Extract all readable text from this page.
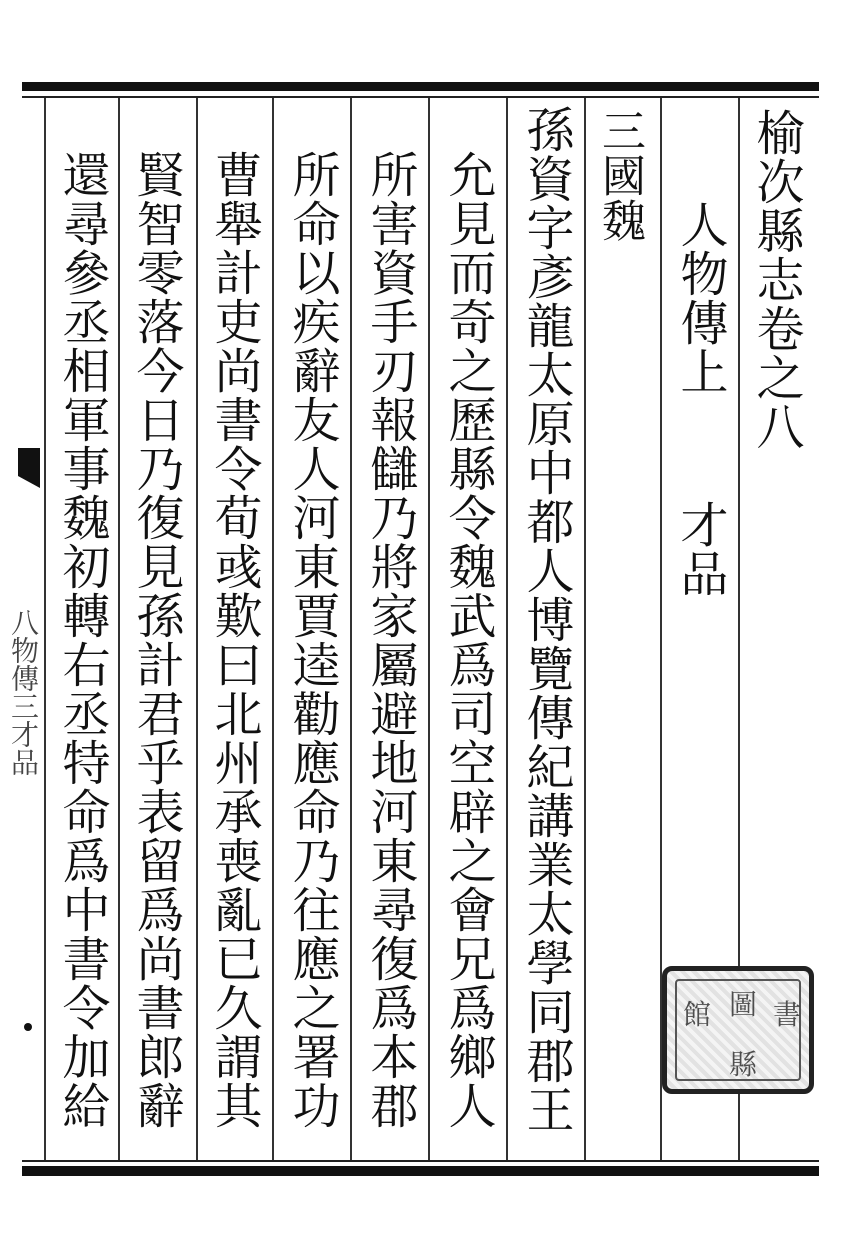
八物傳三才品
榆次縣志卷之八
人物傳上
才品
三國魏
孫資字彥龍太原中都人博覽傳紀講業太學同郡王
允見而奇之歷縣令魏武爲司空辟之會兄爲鄉人
所害資手刃報讎乃將家屬避地河東尋復爲本郡
所命以疾辭友人河東賈逵勸應命乃往應之署功
曹舉計吏尚書令荀彧歎曰北州承喪亂已久謂其
賢智零落今日乃復見孫計君乎表留爲尚書郎辭
還尋參丞相軍事魏初轉右丞特命爲中書令加給	圖
館 書
縣
